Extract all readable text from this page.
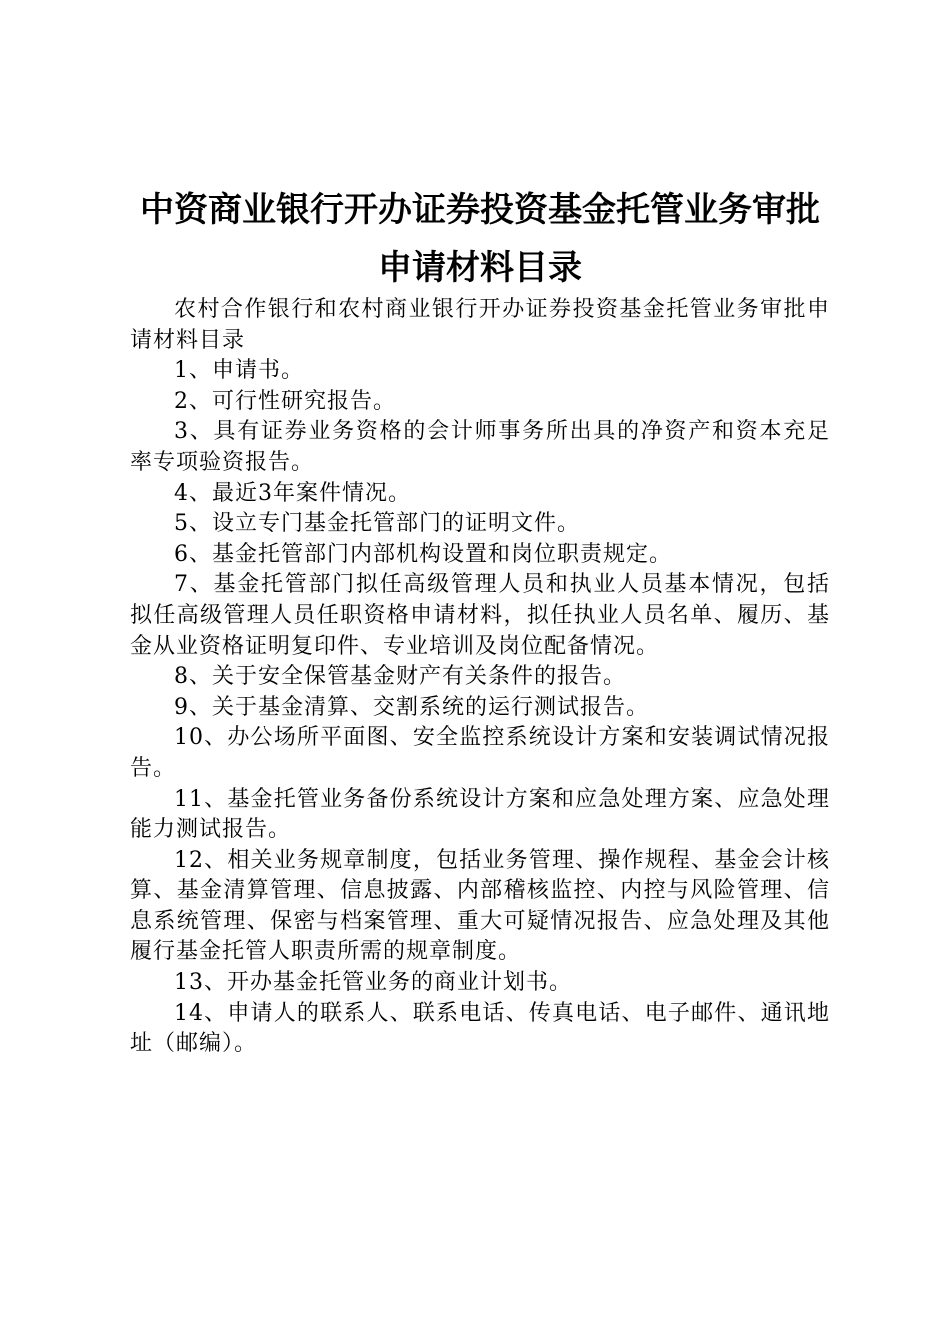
中资商业银行开办证券投资基金托管业务审批
申请材料目录

农村合作银行和农村商业银行开办证券投资基金托管业务审批申请材料目录

1、申请书。

2、可行性研究报告。

3、具有证券业务资格的会计师事务所出具的净资产和资本充足率专项验资报告。

4、最近3年案件情况。

5、设立专门基金托管部门的证明文件。

6、基金托管部门内部机构设置和岗位职责规定。

7、基金托管部门拟任高级管理人员和执业人员基本情况，包括拟任高级管理人员任职资格申请材料，拟任执业人员名单、履历、基金从业资格证明复印件、专业培训及岗位配备情况。

8、关于安全保管基金财产有关条件的报告。

9、关于基金清算、交割系统的运行测试报告。

10、办公场所平面图、安全监控系统设计方案和安装调试情况报告。

11、基金托管业务备份系统设计方案和应急处理方案、应急处理能力测试报告。

12、相关业务规章制度，包括业务管理、操作规程、基金会计核算、基金清算管理、信息披露、内部稽核监控、内控与风险管理、信息系统管理、保密与档案管理、重大可疑情况报告、应急处理及其他履行基金托管人职责所需的规章制度。

13、开办基金托管业务的商业计划书。

14、申请人的联系人、联系电话、传真电话、电子邮件、通讯地址（邮编）。
